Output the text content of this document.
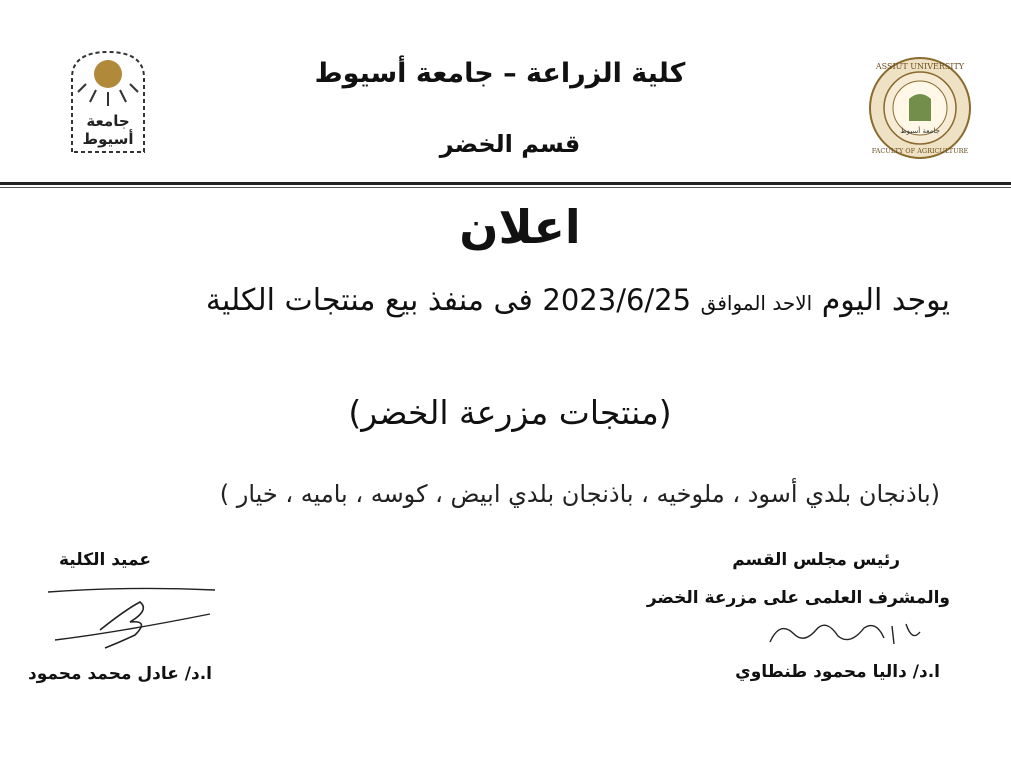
جامعة
أسيوط
ASSIUT UNIVERSITY
FACULTY OF AGRICULTURE
جامعة أسيوط
كلية الزراعة – جامعة أسيوط
قسم الخضر
اعلان
يوجد اليوم الاحد الموافق 2023/6/25 فى منفذ بيع منتجات الكلية
(منتجات مزرعة الخضر)
(باذنجان بلدي أسود ، ملوخيه ، باذنجان بلدي ابيض ، كوسه ، باميه ، خيار )
عميد الكلية
ا.د/ عادل محمد محمود
رئيس مجلس القسم
والمشرف العلمى على مزرعة الخضر
ا.د/ داليا محمود طنطاوي
